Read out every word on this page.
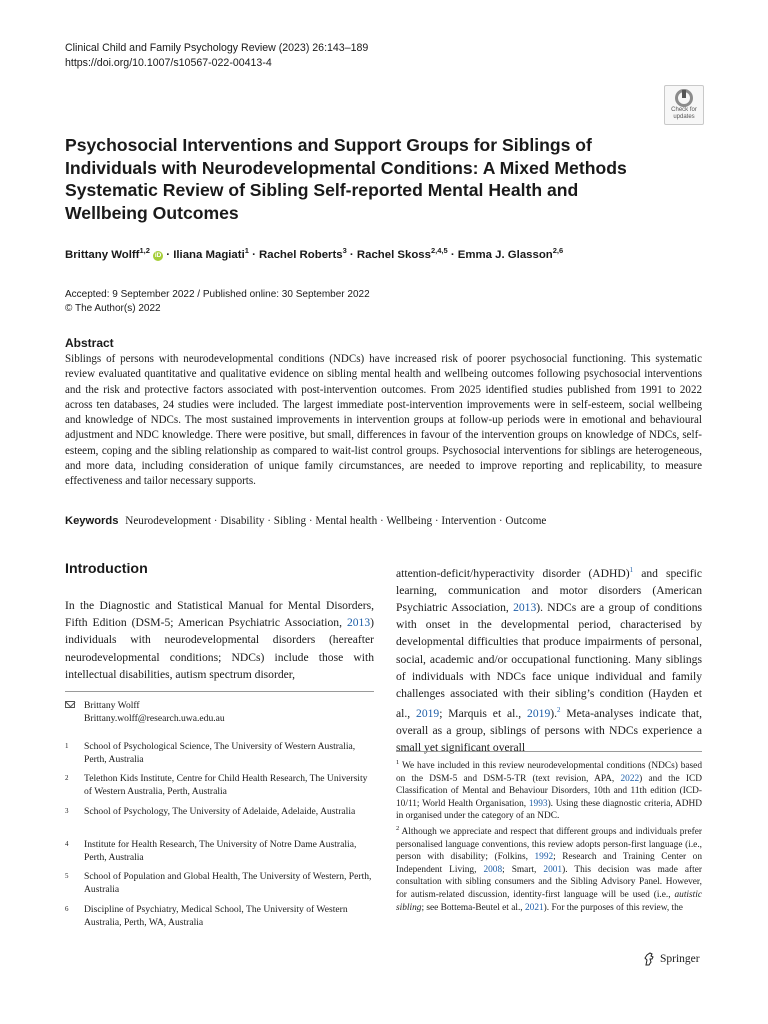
Clinical Child and Family Psychology Review (2023) 26:143–189
https://doi.org/10.1007/s10567-022-00413-4
Check for
updates
Psychosocial Interventions and Support Groups for Siblings of Individuals with Neurodevelopmental Conditions: A Mixed Methods Systematic Review of Sibling Self-reported Mental Health and Wellbeing Outcomes
Brittany Wolff$^{1,2}$ iD · Iliana Magiati$^1$ · Rachel Roberts$^3$ · Rachel Skoss$^{2,4,5}$ · Emma J. Glasson$^{2,6}$
Accepted: 9 September 2022 / Published online: 30 September 2022
© The Author(s) 2022
Abstract

Siblings of persons with neurodevelopmental conditions (NDCs) have increased risk of poorer psychosocial functioning. This systematic review evaluated quantitative and qualitative evidence on sibling mental health and wellbeing outcomes following psychosocial interventions and the risk and protective factors associated with post-intervention outcomes. From 2025 identified studies published from 1991 to 2022 across ten databases, 24 studies were included. The largest immediate post-intervention improvements were in self-esteem, social wellbeing and knowledge of NDCs. The most sustained improvements in intervention groups at follow-up periods were in emotional and behavioural adjustment and NDC knowledge. There were positive, but small, differences in favour of the intervention groups on knowledge of NDCs, self-esteem, coping and the sibling relationship as compared to wait-list control groups. Psychosocial interventions for siblings are heterogeneous, and more data, including consideration of unique family circumstances, are needed to improve reporting and replicability, to measure effectiveness and tailor necessary supports.

Keywords Neurodevelopment · Disability · Sibling · Mental health · Wellbeing · Intervention · Outcome
Introduction

In the Diagnostic and Statistical Manual for Mental Disorders, Fifth Edition (DSM-5; American Psychiatric Association, 2013) individuals with neurodevelopmental disorders (hereafter neurodevelopmental conditions; NDCs) include those with intellectual disabilities, autism spectrum disorder,

attention-deficit/hyperactivity disorder (ADHD)$^1$ and specific learning, communication and motor disorders (American Psychiatric Association, 2013). NDCs are a group of conditions with onset in the developmental period, characterised by developmental difficulties that produce impairments of personal, social, academic and/or occupational functioning. Many siblings of individuals with NDCs face unique individual and family challenges associated with their sibling’s condition (Hayden et al., 2019; Marquis et al., 2019).$^2$ Meta-analyses indicate that, overall as a group, siblings of persons with NDCs experience a small yet significant overall

Brittany Wolff
Brittany.wolff@research.uwa.edu.au
1 School of Psychological Science, The University of Western Australia, Perth, Australia
2 Telethon Kids Institute, Centre for Child Health Research, The University of Western Australia, Perth, Australia
3 School of Psychology, The University of Adelaide, Adelaide, Australia
4 Institute for Health Research, The University of Notre Dame Australia, Perth, Australia
5 School of Population and Global Health, The University of Western, Perth, Australia
6 Discipline of Psychiatry, Medical School, The University of Western Australia, Perth, WA, Australia

$^1$ We have included in this review neurodevelopmental conditions (NDCs) based on the DSM-5 and DSM-5-TR (text revision, APA, 2022) and the ICD Classification of Mental and Behaviour Disorders, 10th and 11th edition (ICD-10/11; World Health Organisation, 1993). Using these diagnostic criteria, ADHD in organised under the category of an NDC.

$^2$ Although we appreciate and respect that different groups and individuals prefer personalised language conventions, this review adopts person-first language (i.e., person with disability; (Folkins, 1992; Research and Training Center on Independent Living, 2008; Smart, 2001). This decision was made after consultation with sibling consumers and the Sibling Advisory Panel. However, for autism-related discussion, identity-first language will be used (i.e., autistic sibling; see Bottema-Beutel et al., 2021). For the purposes of this review, the

Springer
